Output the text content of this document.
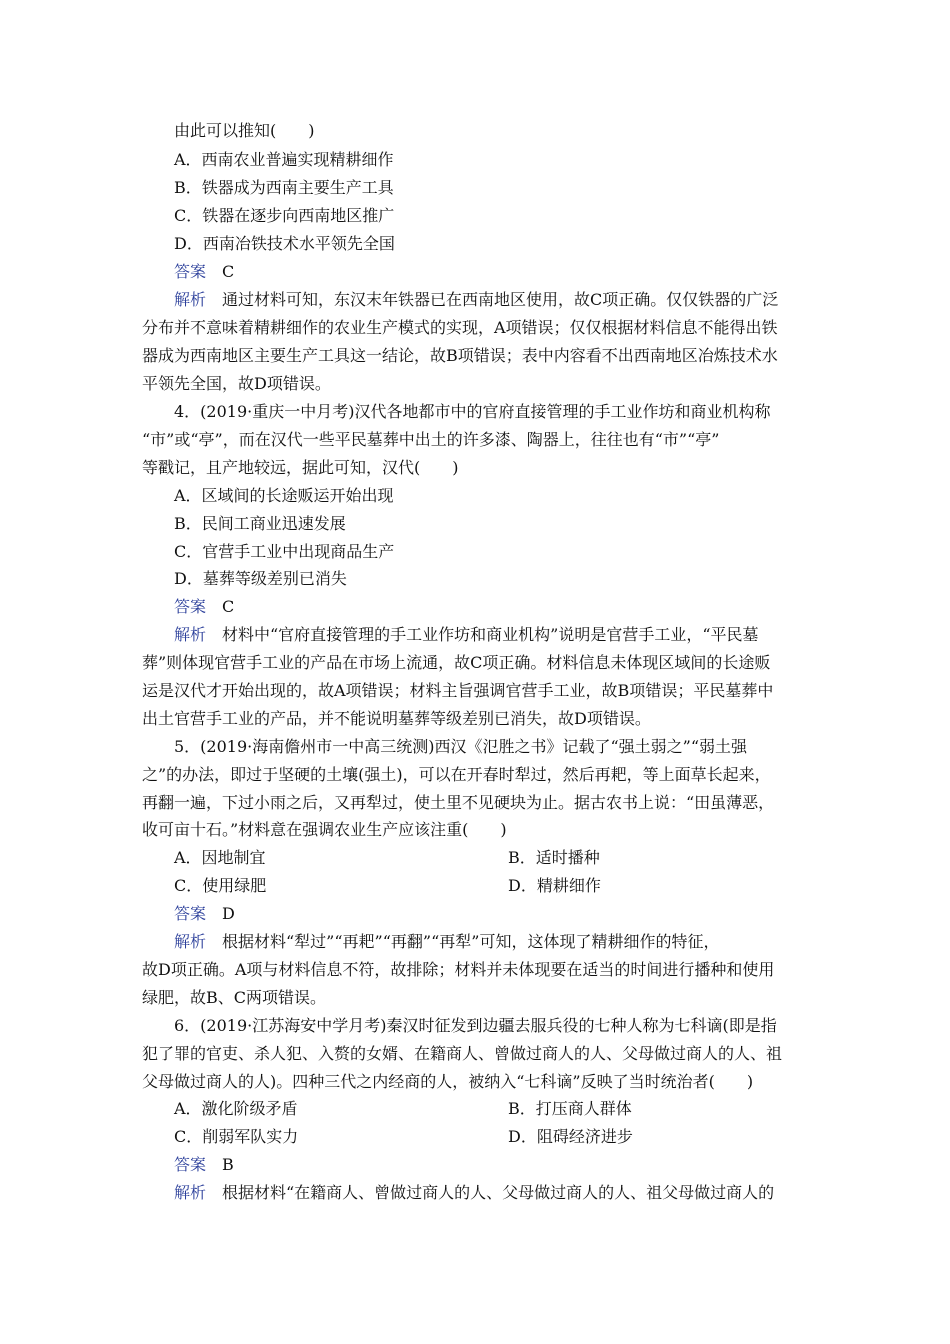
由此可以推知(　　)
A．西南农业普遍实现精耕细作
B．铁器成为西南主要生产工具
C．铁器在逐步向西南地区推广
D．西南冶铁技术水平领先全国
答案 C
解析 通过材料可知，东汉末年铁器已在西南地区使用，故C项正确。仅仅铁器的广泛
分布并不意味着精耕细作的农业生产模式的实现，A项错误；仅仅根据材料信息不能得出铁
器成为西南地区主要生产工具这一结论，故B项错误；表中内容看不出西南地区冶炼技术水
平领先全国，故D项错误。
4．(2019·重庆一中月考)汉代各地都市中的官府直接管理的手工业作坊和商业机构称
“市”或“亭”，而在汉代一些平民墓葬中出土的许多漆、陶器上，往往也有“市”“亭”
等戳记，且产地较远，据此可知，汉代(　　)
A．区域间的长途贩运开始出现
B．民间工商业迅速发展
C．官营手工业中出现商品生产
D．墓葬等级差别已消失
答案 C
解析 材料中“官府直接管理的手工业作坊和商业机构”说明是官营手工业，“平民墓
葬”则体现官营手工业的产品在市场上流通，故C项正确。材料信息未体现区域间的长途贩
运是汉代才开始出现的，故A项错误；材料主旨强调官营手工业，故B项错误；平民墓葬中
出土官营手工业的产品，并不能说明墓葬等级差别已消失，故D项错误。
5．(2019·海南儋州市一中高三统测)西汉《氾胜之书》记载了“强土弱之”“弱土强
之”的办法，即过于坚硬的土壤(强土)，可以在开春时犁过，然后再耙，等上面草长起来，
再翻一遍，下过小雨之后，又再犁过，使土里不见硬块为止。据古农书上说：“田虽薄恶，
收可亩十石。”材料意在强调农业生产应该注重(　　)
A．因地制宜	B．适时播种
C．使用绿肥	D．精耕细作
答案 D
解析 根据材料“犁过”“再耙”“再翻”“再犁”可知，这体现了精耕细作的特征，
故D项正确。A项与材料信息不符，故排除；材料并未体现要在适当的时间进行播种和使用
绿肥，故B、C两项错误。
6．(2019·江苏海安中学月考)秦汉时征发到边疆去服兵役的七种人称为七科谪(即是指
犯了罪的官吏、杀人犯、入赘的女婿、在籍商人、曾做过商人的人、父母做过商人的人、祖
父母做过商人的人)。四种三代之内经商的人，被纳入“七科谪”反映了当时统治者(　　)
A．激化阶级矛盾	B．打压商人群体
C．削弱军队实力	D．阻碍经济进步
答案 B
解析 根据材料“在籍商人、曾做过商人的人、父母做过商人的人、祖父母做过商人的
